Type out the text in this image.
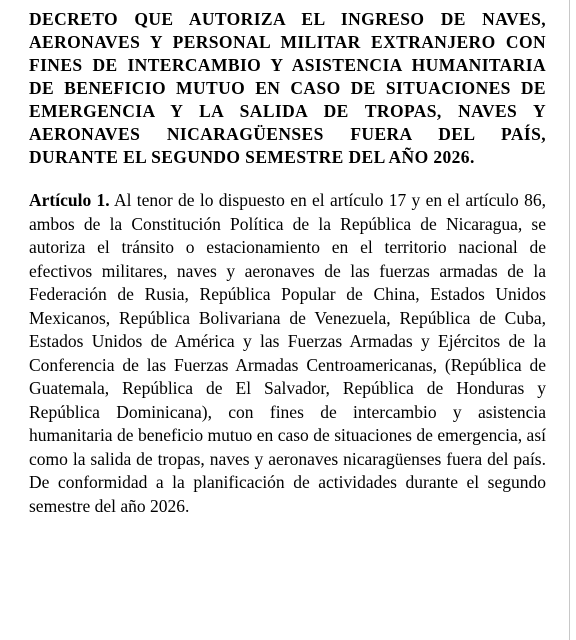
DECRETO QUE AUTORIZA EL INGRESO DE NAVES, AERONAVES Y PERSONAL MILITAR EXTRANJERO CON FINES DE INTERCAMBIO Y ASISTENCIA HUMANITARIA DE BENEFICIO MUTUO EN CASO DE SITUACIONES DE EMERGENCIA Y LA SALIDA DE TROPAS, NAVES Y AERONAVES NICARAGÜENSES FUERA DEL PAÍS, DURANTE EL SEGUNDO SEMESTRE DEL AÑO 2026.

Artículo 1. Al tenor de lo dispuesto en el artículo 17 y en el artículo 86, ambos de la Constitución Política de la República de Nicaragua, se autoriza el tránsito o estacionamiento en el territorio nacional de efectivos militares, naves y aeronaves de las fuerzas armadas de la Federación de Rusia, República Popular de China, Estados Unidos Mexicanos, República Bolivariana de Venezuela, República de Cuba, Estados Unidos de América y las Fuerzas Armadas y Ejércitos de la Conferencia de las Fuerzas Armadas Centroamericanas, (República de Guatemala, República de El Salvador, República de Honduras y República Dominicana), con fines de intercambio y asistencia humanitaria de beneficio mutuo en caso de situaciones de emergencia, así como la salida de tropas, naves y aeronaves nicaragüenses fuera del país. De conformidad a la planificación de actividades durante el segundo semestre del año 2026.
